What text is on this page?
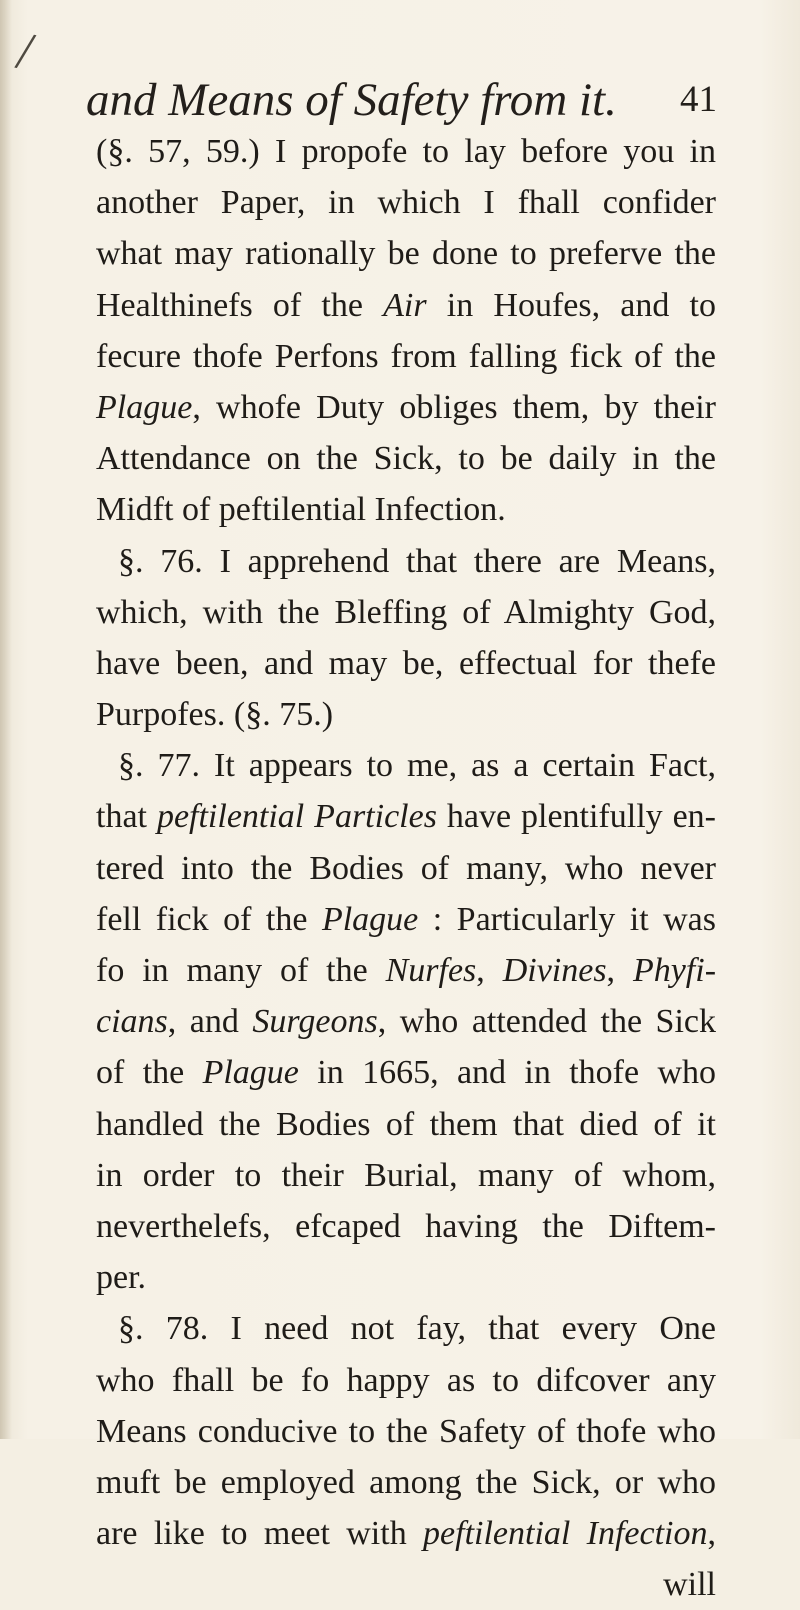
/
and Means of Safety from it.	41
(§. 57, 59.) I propofe to lay before you in
another Paper, in which I fhall confider
what may rationally be done to preferve the
Healthinefs of the Air in Houfes, and to
fecure thofe Perfons from falling fick of the
Plague, whofe Duty obliges them, by their
Attendance on the Sick, to be daily in the
Midft of peftilential Infection.
§. 76. I apprehend that there are Means,
which, with the Bleffing of Almighty God,
have been, and may be, effectual for thefe
Purpofes. (§. 75.)
§. 77. It appears to me, as a certain Fact,
that peftilential Particles have plentifully en-
tered into the Bodies of many, who never
fell fick of the Plague : Particularly it was
fo in many of the Nurfes, Divines, Phyfi-
cians, and Surgeons, who attended the Sick
of the Plague in 1665, and in thofe who
handled the Bodies of them that died of it
in order to their Burial, many of whom,
neverthelefs, efcaped having the Diftem-
per.
§. 78. I need not fay, that every One
who fhall be fo happy as to difcover any
Means conducive to the Safety of thofe who
muft be employed among the Sick, or who
are like to meet with peftilential Infection,
will
